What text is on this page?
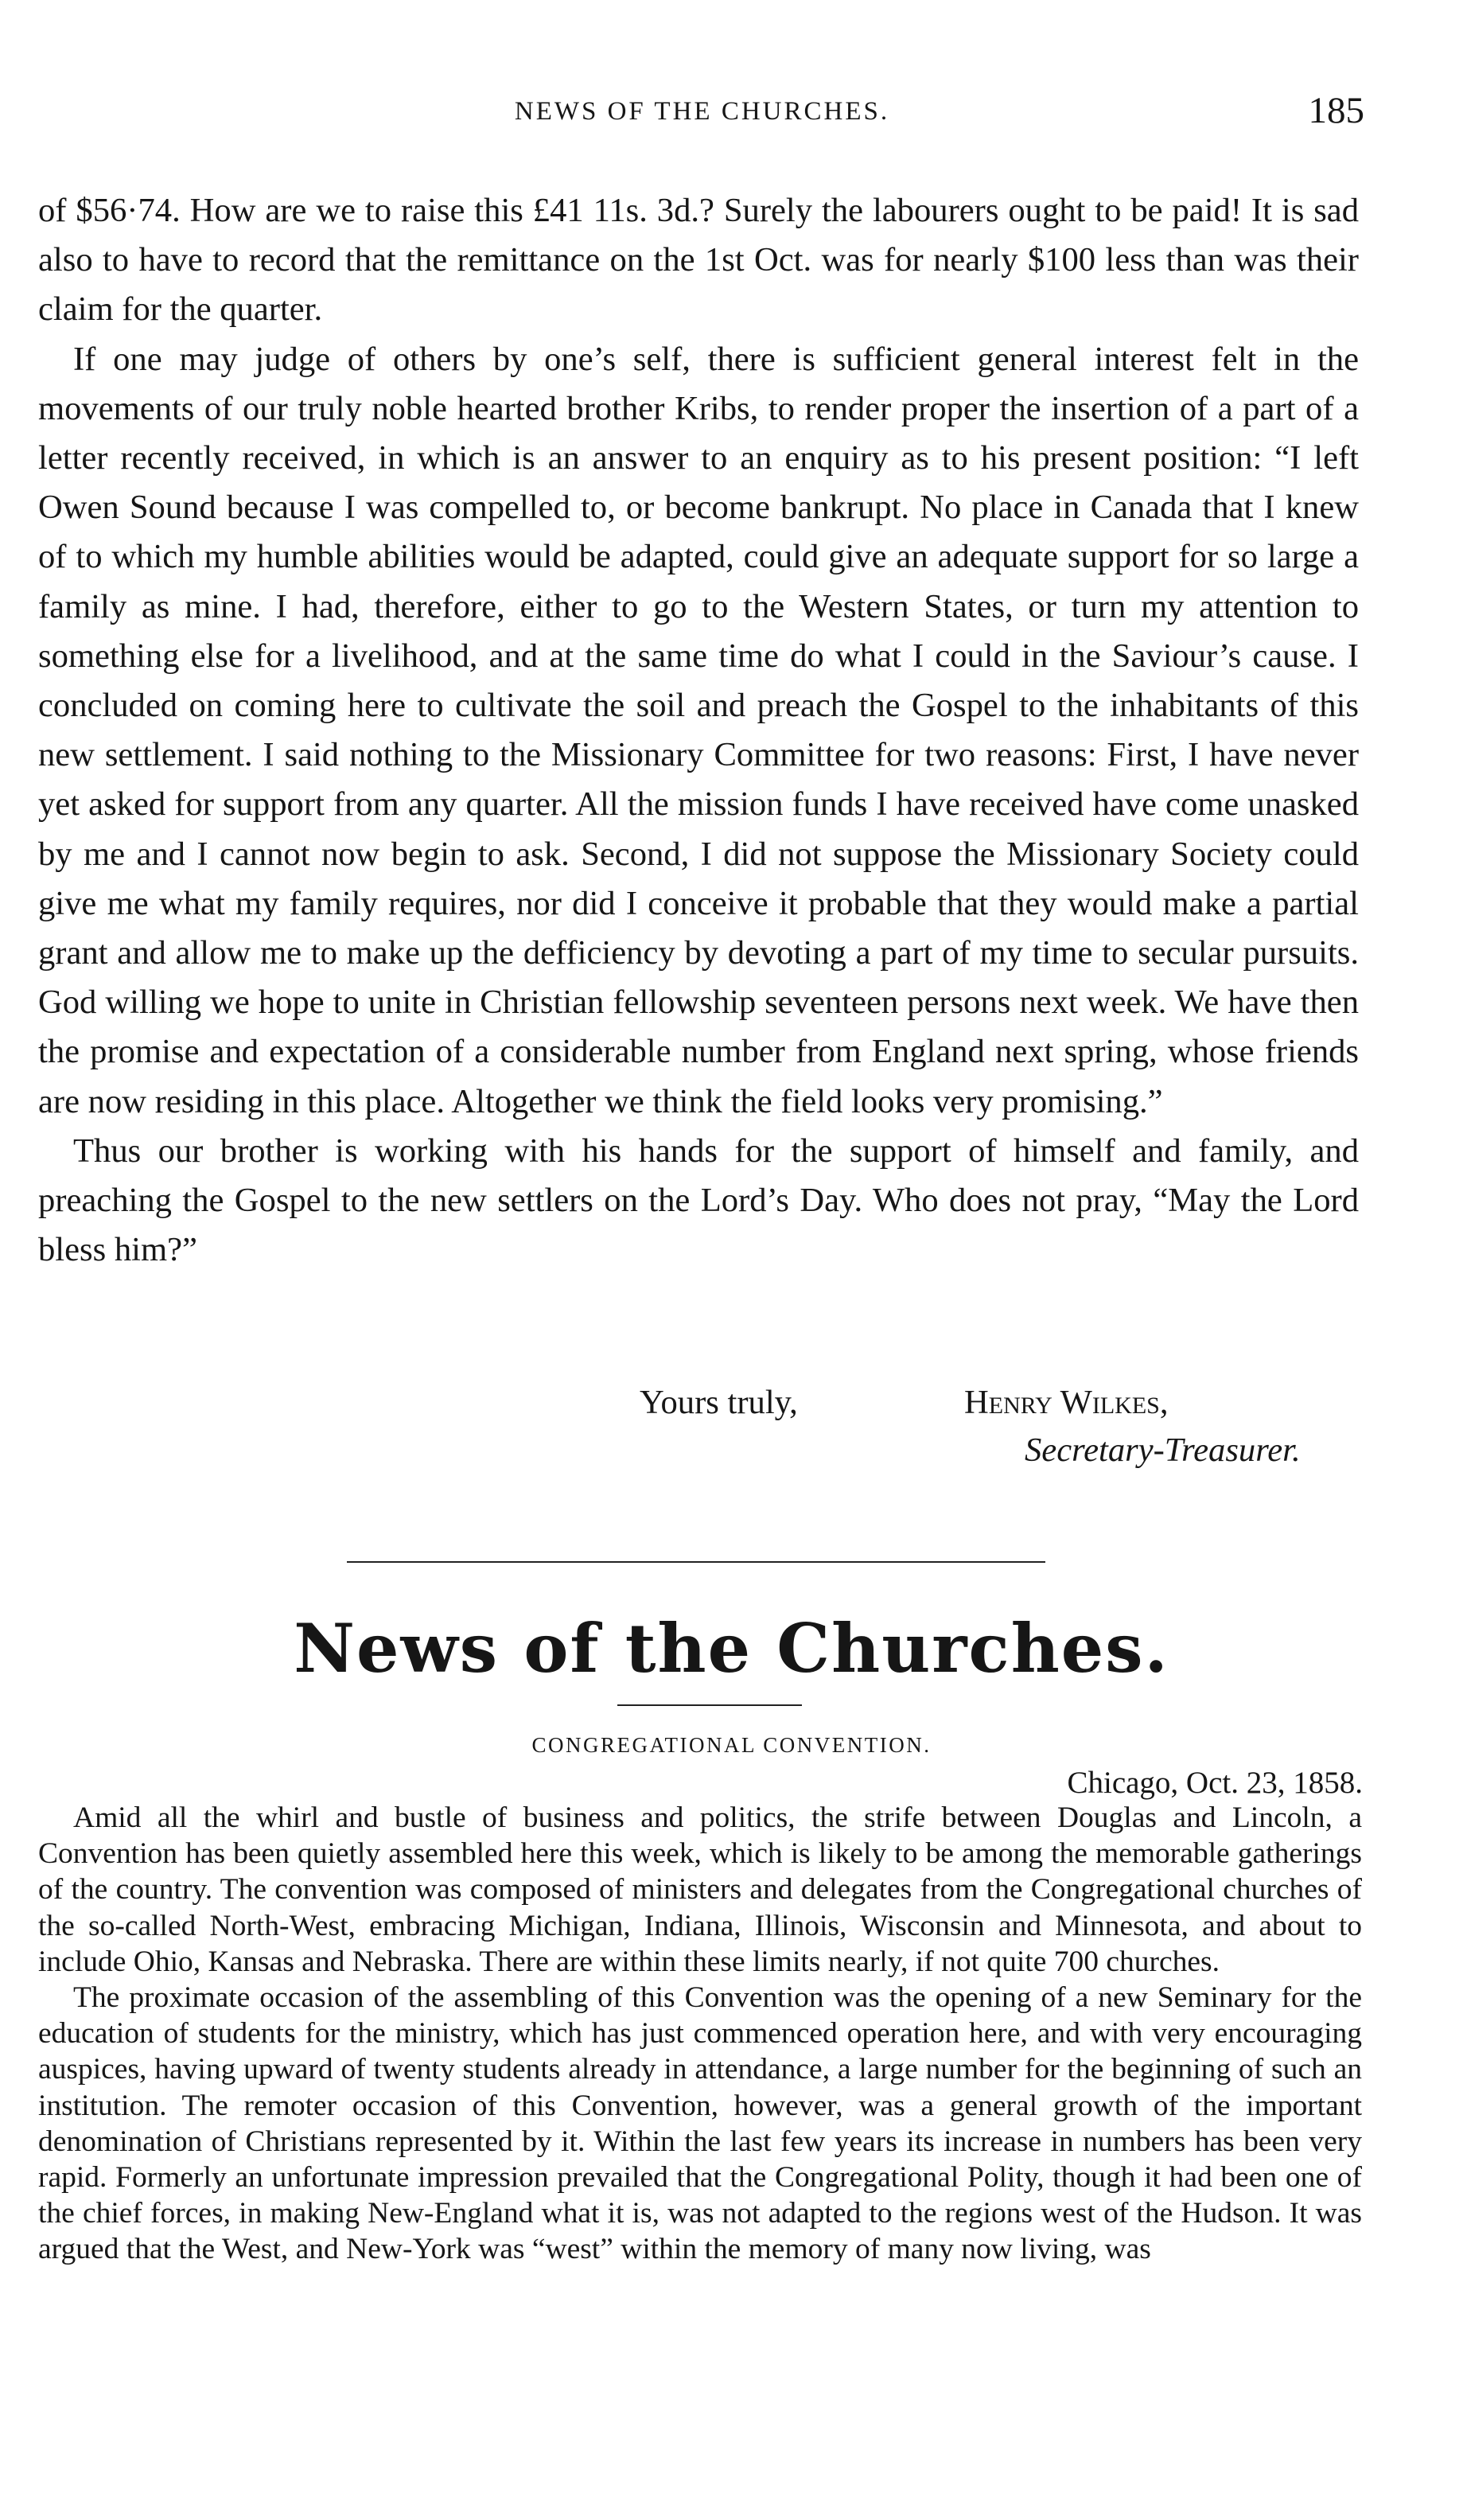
NEWS OF THE CHURCHES.	185

of $56·74. How are we to raise this £41 11s. 3d.? Surely the labourers ought to be paid! It is sad also to have to record that the remittance on the 1st Oct. was for nearly $100 less than was their claim for the quarter.

If one may judge of others by one’s self, there is sufficient general interest felt in the movements of our truly noble hearted brother Kribs, to render proper the insertion of a part of a letter recently received, in which is an answer to an enquiry as to his present position: “I left Owen Sound because I was compelled to, or become bankrupt. No place in Canada that I knew of to which my humble abilities would be adapted, could give an adequate support for so large a family as mine. I had, therefore, either to go to the Western States, or turn my attention to something else for a livelihood, and at the same time do what I could in the Saviour’s cause. I concluded on coming here to cultivate the soil and preach the Gospel to the inhabitants of this new settlement. I said nothing to the Missionary Committee for two reasons: First, I have never yet asked for support from any quarter. All the mission funds I have received have come unasked by me and I cannot now begin to ask. Second, I did not suppose the Missionary Society could give me what my family requires, nor did I conceive it probable that they would make a partial grant and allow me to make up the defficiency by devoting a part of my time to secular pursuits. God willing we hope to unite in Christian fellowship seventeen persons next week. We have then the promise and expectation of a considerable number from England next spring, whose friends are now residing in this place. Altogether we think the field looks very promising.”

Thus our brother is working with his hands for the support of himself and family, and preaching the Gospel to the new settlers on the Lord’s Day. Who does not pray, “May the Lord bless him?”

Yours truly,	Henry Wilkes,
Secretary-Treasurer.
News of the Churches.
CONGREGATIONAL CONVENTION.
Chicago, Oct. 23, 1858.

Amid all the whirl and bustle of business and politics, the strife between Douglas and Lincoln, a Convention has been quietly assembled here this week, which is likely to be among the memorable gatherings of the country. The convention was composed of ministers and delegates from the Congregational churches of the so-called North-West, embracing Michigan, Indiana, Illinois, Wisconsin and Minnesota, and about to include Ohio, Kansas and Nebraska. There are within these limits nearly, if not quite 700 churches.

The proximate occasion of the assembling of this Convention was the opening of a new Seminary for the education of students for the ministry, which has just commenced operation here, and with very encouraging auspices, having upward of twenty students already in attendance, a large number for the beginning of such an institution. The remoter occasion of this Convention, however, was a general growth of the important denomination of Christians represented by it. Within the last few years its increase in numbers has been very rapid. Formerly an unfortunate impression prevailed that the Congregational Polity, though it had been one of the chief forces, in making New-England what it is, was not adapted to the regions west of the Hudson. It was argued that the West, and New-York was “west” within the memory of many now living, was
